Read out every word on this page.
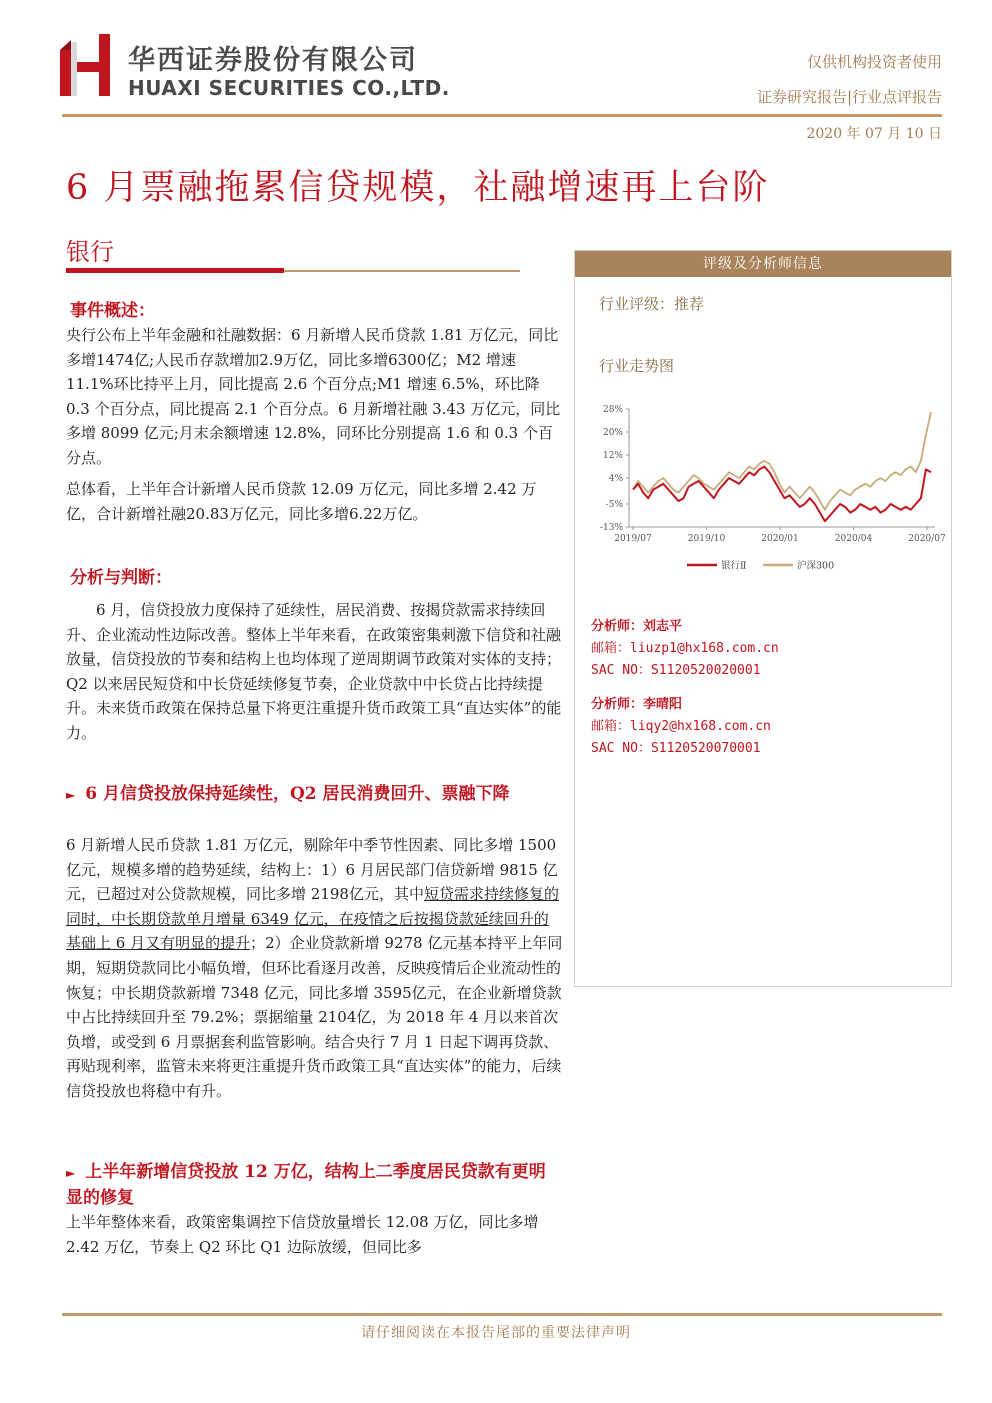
华西证券股份有限公司
HUAXI SECURITIES CO.,LTD.
仅供机构投资者使用
证券研究报告|行业点评报告
2020 年 07 月 10 日
6 月票融拖累信贷规模，社融增速再上台阶
银行
事件概述：
央行公布上半年金融和社融数据：6 月新增人民币贷款 1.81 万亿元，同比多增1474亿;人民币存款增加2.9万亿，同比多增6300亿；M2 增速 11.1%环比持平上月，同比提高 2.6 个百分点;M1 增速 6.5%，环比降 0.3 个百分点，同比提高 2.1 个百分点。6 月新增社融 3.43 万亿元，同比多增 8099 亿元;月末余额增速 12.8%，同环比分别提高 1.6 和 0.3 个百分点。
总体看，上半年合计新增人民币贷款 12.09 万亿元，同比多增 2.42 万亿，合计新增社融20.83万亿元，同比多增6.22万亿。
分析与判断：
6 月，信贷投放力度保持了延续性，居民消费、按揭贷款需求持续回升、企业流动性边际改善。整体上半年来看，在政策密集刺激下信贷和社融放量，信贷投放的节奏和结构上也均体现了逆周期调节政策对实体的支持；Q2 以来居民短贷和中长贷延续修复节奏，企业贷款中中长贷占比持续提升。未来货币政策在保持总量下将更注重提升货币政策工具“直达实体”的能力。
► 6 月信贷投放保持延续性，Q2 居民消费回升、票融下降
6 月新增人民币贷款 1.81 万亿元，剔除年中季节性因素、同比多增 1500 亿元，规模多增的趋势延续，结构上：1）6 月居民部门信贷新增 9815 亿元，已超过对公贷款规模，同比多增 2198亿元，其中短贷需求持续修复的同时，中长期贷款单月增量 6349 亿元，在疫情之后按揭贷款延续回升的基础上 6 月又有明显的提升；2）企业贷款新增 9278 亿元基本持平上年同期，短期贷款同比小幅负增，但环比看逐月改善，反映疫情后企业流动性的恢复；中长期贷款新增 7348 亿元，同比多增 3595亿元，在企业新增贷款中占比持续回升至 79.2%；票据缩量 2104亿，为 2018 年 4 月以来首次负增，或受到 6 月票据套利监管影响。结合央行 7 月 1 日起下调再贷款、再贴现利率，监管未来将更注重提升货币政策工具“直达实体”的能力，后续信贷投放也将稳中有升。
► 上半年新增信贷投放 12 万亿，结构上二季度居民贷款有更明显的修复
上半年整体来看，政策密集调控下信贷放量增长 12.08 万亿，同比多增 2.42 万亿，节奏上 Q2 环比 Q1 边际放缓，但同比多
评级及分析师信息
行业评级：推荐
行业走势图
28%
20%
12%
4%
-5%
-13%
2019/07	2019/10	2020/01	2020/04	2020/07
银行Ⅱ	沪深300
分析师：刘志平
邮箱：liuzp1@hx168.com.cn
SAC NO：S1120520020001
分析师：李晴阳
邮箱：liqy2@hx168.com.cn
SAC NO：S1120520070001
请仔细阅读在本报告尾部的重要法律声明
